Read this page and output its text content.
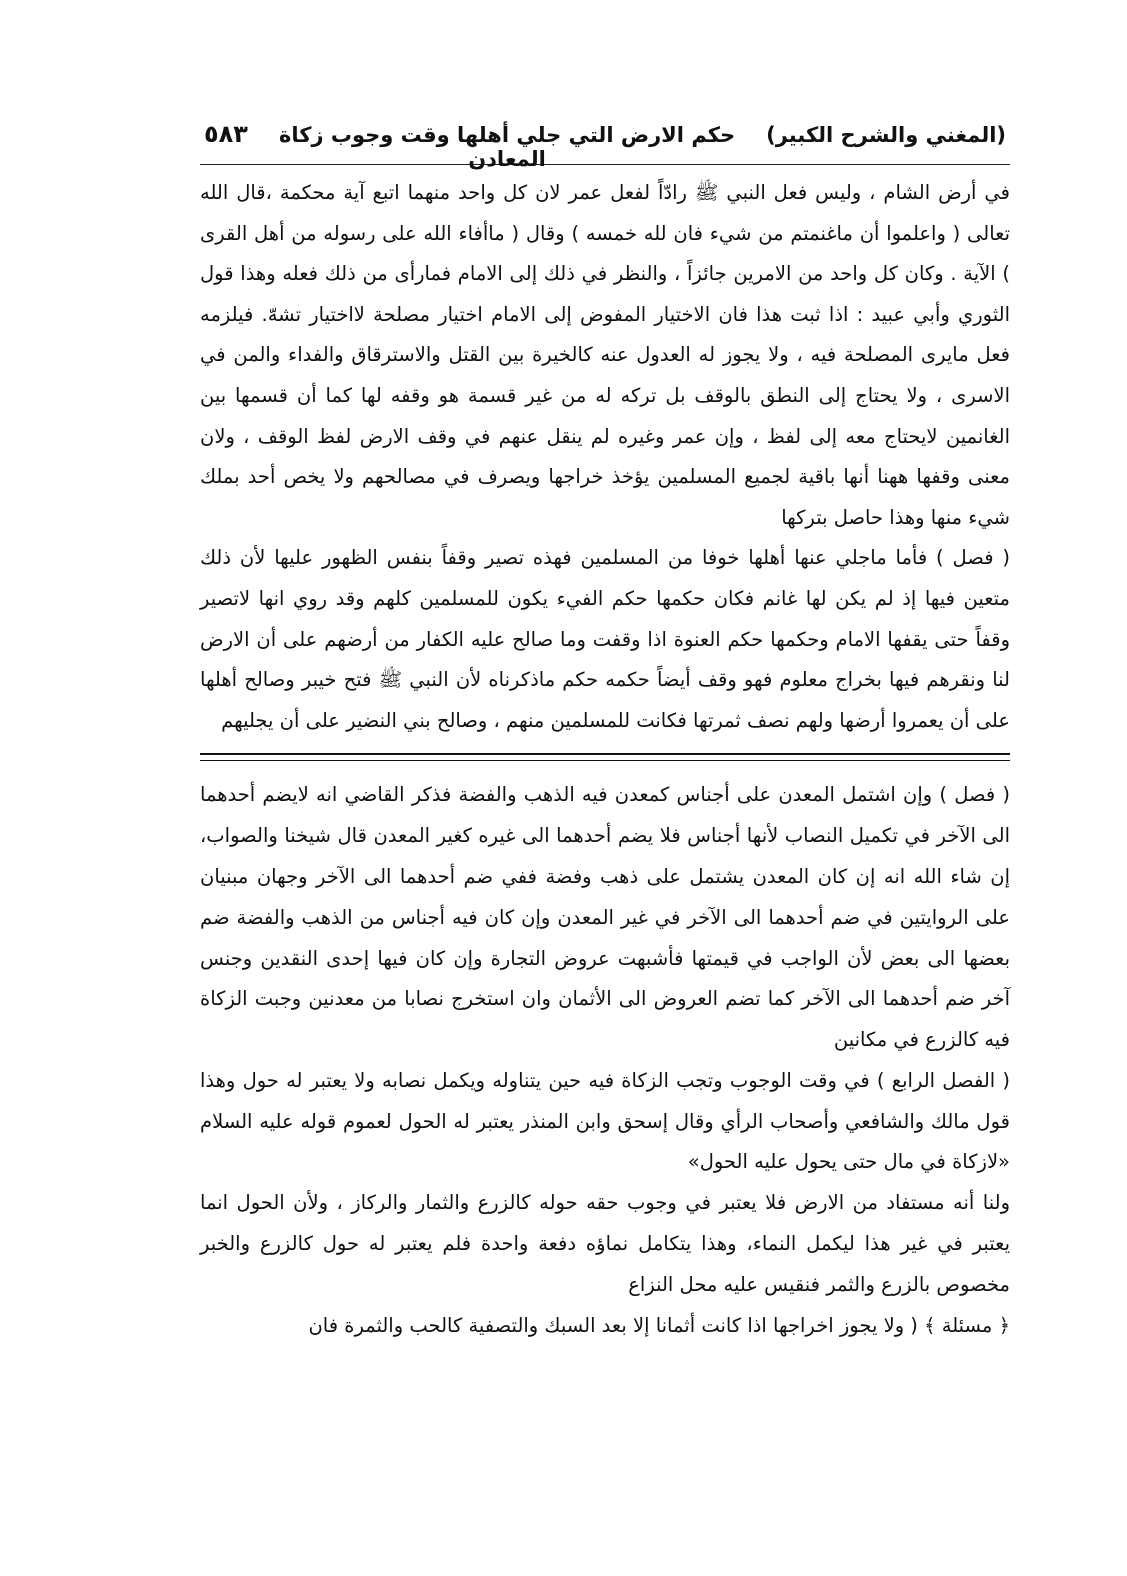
(المغني والشرح الكبير)
حكم الارض التي جلي أهلها وقت وجوب زكاة المعادن
٥٨٣

في أرض الشام ، وليس فعل النبي ﷺ رادّاً لفعل عمر لان كل واحد منهما اتبع آية محكمة ،قال الله تعالى ( واعلموا أن ماغنمتم من شيء فان لله خمسه ) وقال ( ماأفاء الله على رسوله من أهل القرى ) الآية . وكان كل واحد من الامرين جائزاً ، والنظر في ذلك إلى الامام فمارأى من ذلك فعله وهذا قول الثوري وأبي عبيد : اذا ثبت هذا فان الاختيار المفوض إلى الامام اختيار مصلحة لااختيار تشهّ. فيلزمه فعل مايرى المصلحة فيه ، ولا يجوز له العدول عنه كالخيرة بين القتل والاسترقاق والفداء والمن في الاسرى ، ولا يحتاج إلى النطق بالوقف بل تركه له من غير قسمة هو وقفه لها كما أن قسمها بين الغانمين لايحتاج معه إلى لفظ ، وإن عمر وغيره لم ينقل عنهم في وقف الارض لفظ الوقف ، ولان معنى وقفها ههنا أنها باقية لجميع المسلمين يؤخذ خراجها ويصرف في مصالحهم ولا يخص أحد بملك شيء منها وهذا حاصل بتركها

( فصل ) فأما ماجلي عنها أهلها خوفا من المسلمين فهذه تصير وقفاً بنفس الظهور عليها لأن ذلك متعين فيها إذ لم يكن لها غانم فكان حكمها حكم الفيء يكون للمسلمين كلهم وقد روي انها لاتصير وقفاً حتى يقفها الامام وحكمها حكم العنوة اذا وقفت وما صالح عليه الكفار من أرضهم على أن الارض لنا ونقرهم فيها بخراج معلوم فهو وقف أيضاً حكمه حكم ماذكرناه لأن النبي ﷺ فتح خيبر وصالح أهلها على أن يعمروا أرضها ولهم نصف ثمرتها فكانت للمسلمين منهم ، وصالح بني النضير على أن يجليهم

( فصل ) وإن اشتمل المعدن على أجناس كمعدن فيه الذهب والفضة فذكر القاضي انه لايضم أحدهما الى الآخر في تكميل النصاب لأنها أجناس فلا يضم أحدهما الى غيره كغير المعدن قال شيخنا والصواب، إن شاء الله انه إن كان المعدن يشتمل على ذهب وفضة ففي ضم أحدهما الى الآخر وجهان مبنيان على الروايتين في ضم أحدهما الى الآخر في غير المعدن وإن كان فيه أجناس من الذهب والفضة ضم بعضها الى بعض لأن الواجب في قيمتها فأشبهت عروض التجارة وإن كان فيها إحدى النقدين وجنس آخر ضم أحدهما الى الآخر كما تضم العروض الى الأثمان وان استخرج نصابا من معدنين وجبت الزكاة فيه كالزرع في مكانين

( الفصل الرابع ) في وقت الوجوب وتجب الزكاة فيه حين يتناوله ويكمل نصابه ولا يعتبر له حول وهذا قول مالك والشافعي وأصحاب الرأي وقال إسحق وابن المنذر يعتبر له الحول لعموم قوله عليه السلام «لازكاة في مال حتى يحول عليه الحول»

ولنا أنه مستفاد من الارض فلا يعتبر في وجوب حقه حوله كالزرع والثمار والركاز ، ولأن الحول انما يعتبر في غير هذا ليكمل النماء، وهذا يتكامل نماؤه دفعة واحدة فلم يعتبر له حول كالزرع والخبر مخصوص بالزرع والثمر فنقيس عليه محل النزاع

﴿ مسئلة ﴾ ( ولا يجوز اخراجها اذا كانت أثمانا إلا بعد السبك والتصفية كالحب والثمرة فان
